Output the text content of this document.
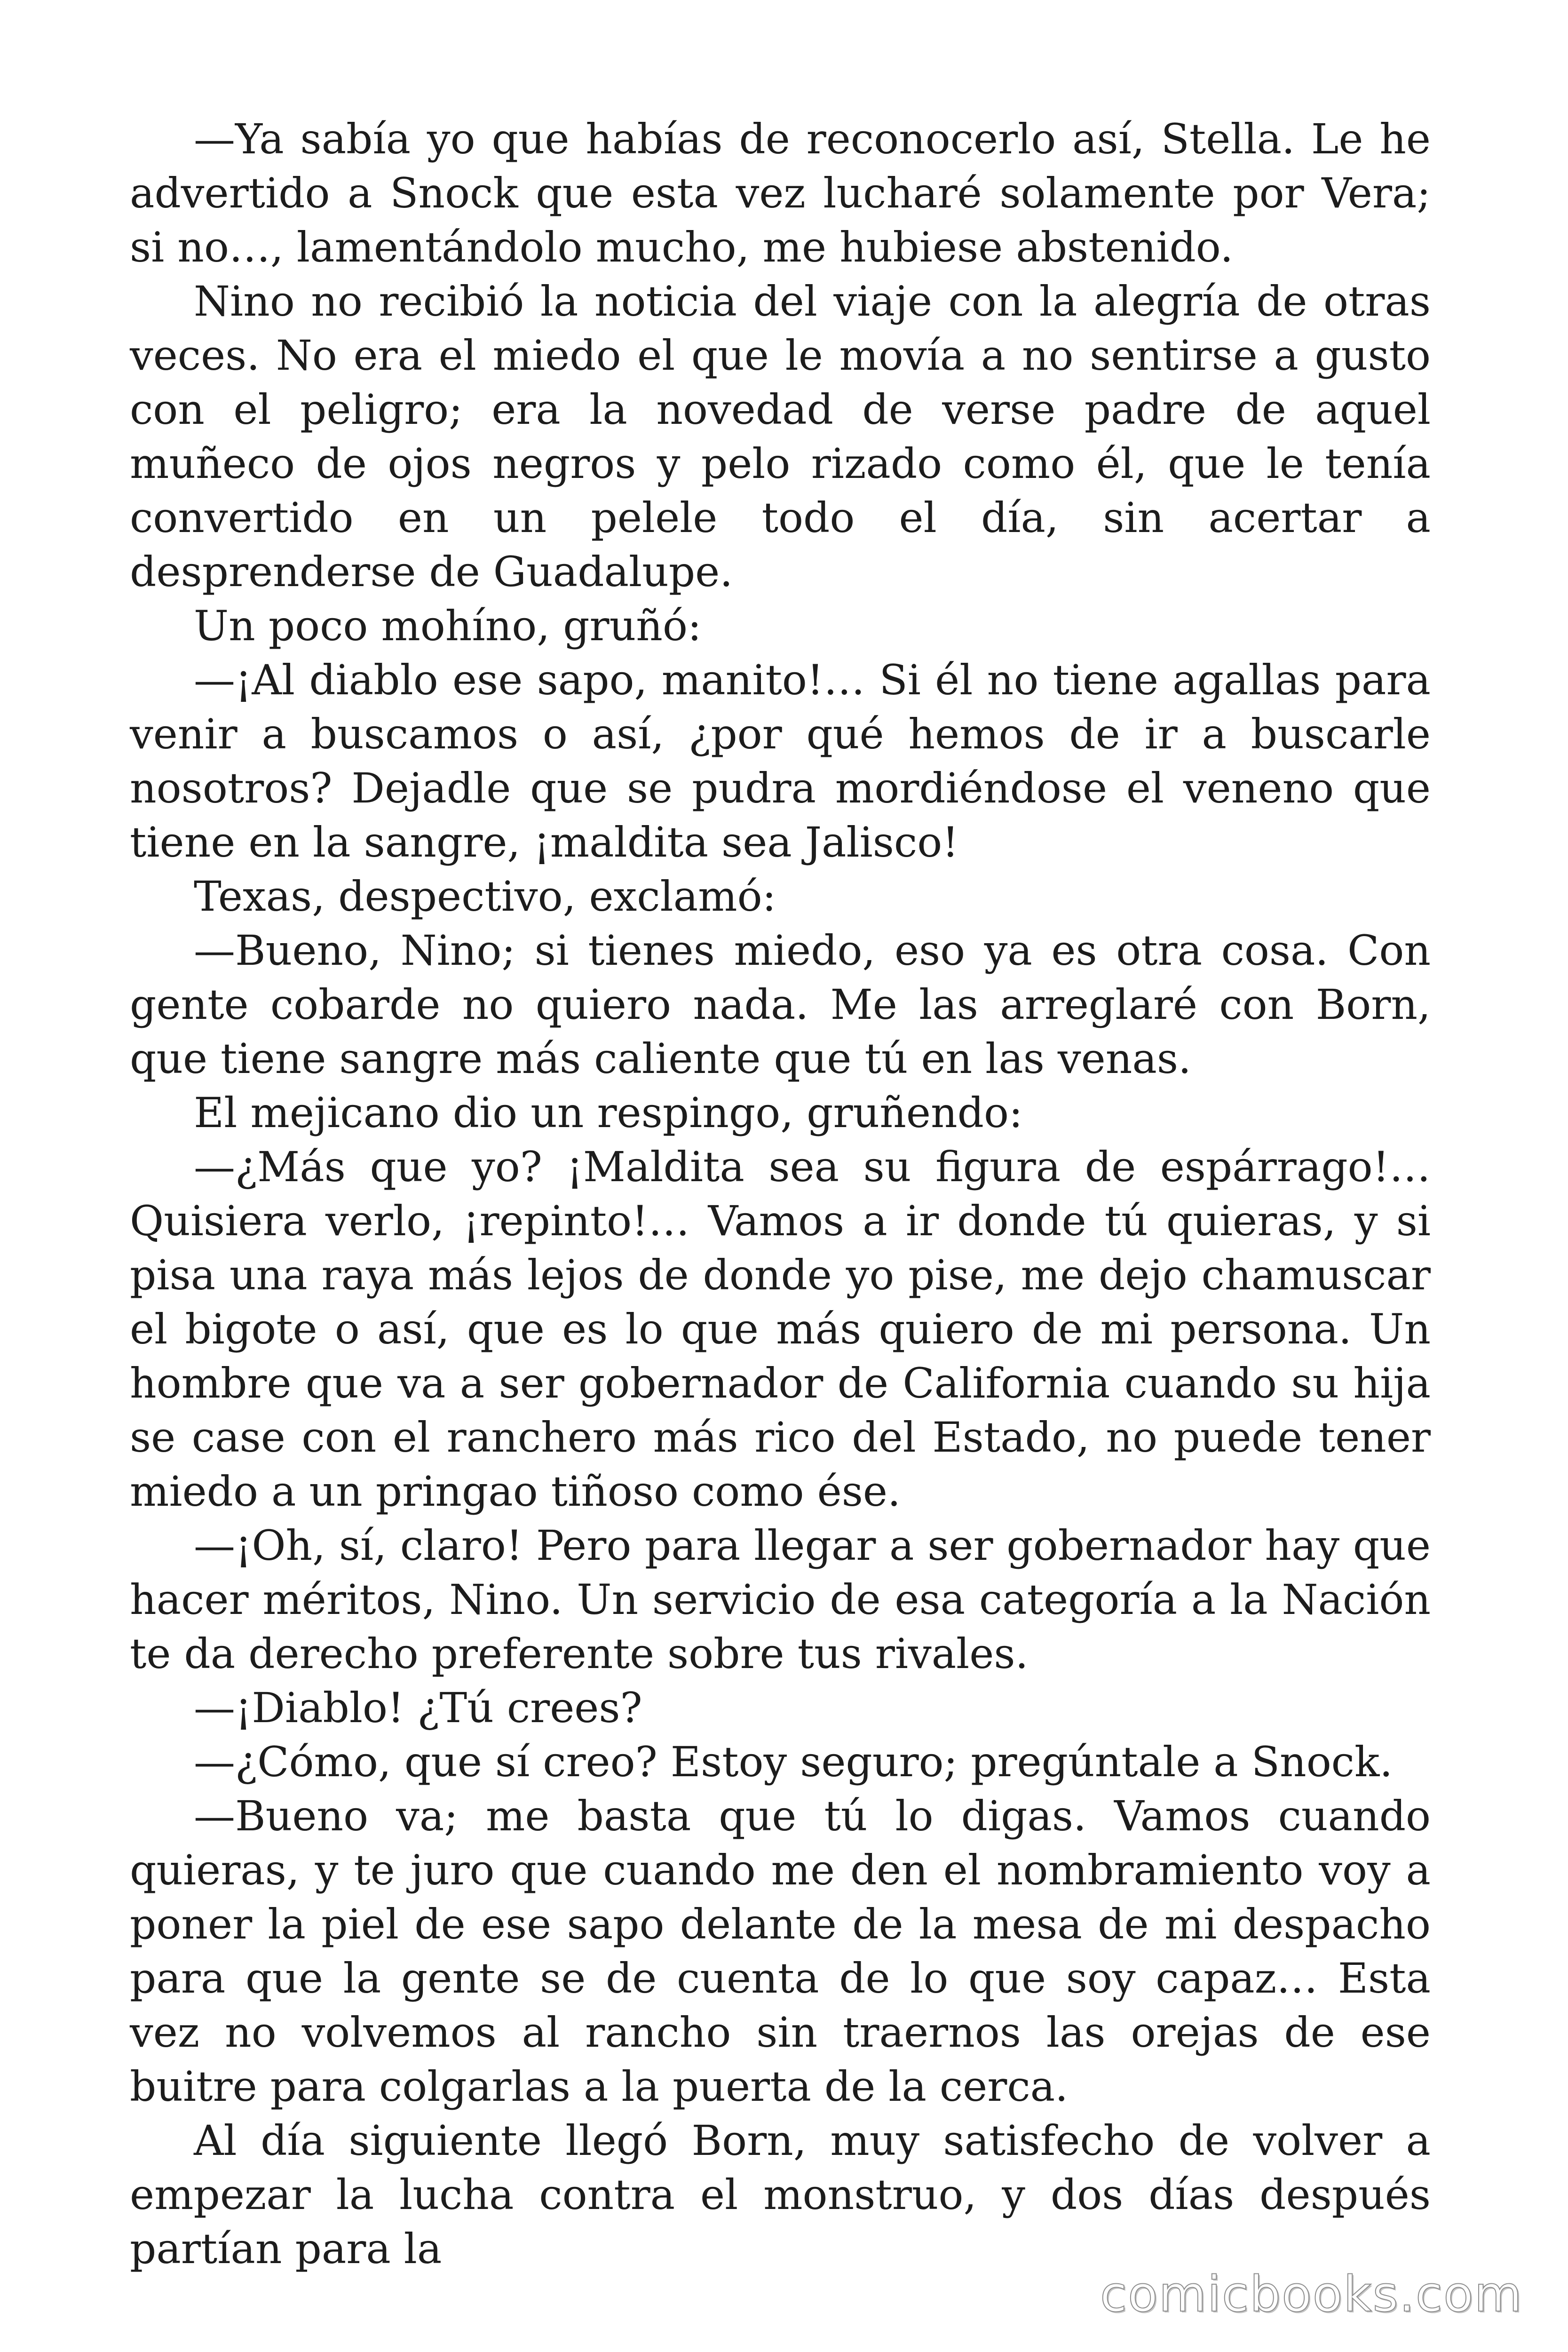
—Ya sabía yo que habías de reconocerlo así, Stella. Le he advertido a Snock que esta vez lucharé solamente por Vera; si no…, lamentándolo mucho, me hubiese abstenido.

Nino no recibió la noticia del viaje con la alegría de otras veces. No era el miedo el que le movía a no sentirse a gusto con el peligro; era la novedad de verse padre de aquel muñeco de ojos negros y pelo rizado como él, que le tenía convertido en un pelele todo el día, sin acertar a desprenderse de Guadalupe.

Un poco mohíno, gruñó:

—¡Al diablo ese sapo, manito!… Si él no tiene agallas para venir a buscamos o así, ¿por qué hemos de ir a buscarle nosotros? Dejadle que se pudra mordiéndose el veneno que tiene en la sangre, ¡maldita sea Jalisco!

Texas, despectivo, exclamó:

—Bueno, Nino; si tienes miedo, eso ya es otra cosa. Con gente cobarde no quiero nada. Me las arreglaré con Born, que tiene sangre más caliente que tú en las venas.

El mejicano dio un respingo, gruñendo:

—¿Más que yo? ¡Maldita sea su figura de espárrago!… Quisiera verlo, ¡repinto!… Vamos a ir donde tú quieras, y si pisa una raya más lejos de donde yo pise, me dejo chamuscar el bigote o así, que es lo que más quiero de mi persona. Un hombre que va a ser gobernador de California cuando su hija se case con el ranchero más rico del Estado, no puede tener miedo a un pringao tiñoso como ése.

—¡Oh, sí, claro! Pero para llegar a ser gobernador hay que hacer méritos, Nino. Un servicio de esa categoría a la Nación te da derecho preferente sobre tus rivales.

—¡Diablo! ¿Tú crees?

—¿Cómo, que sí creo? Estoy seguro; pregúntale a Snock.

—Bueno va; me basta que tú lo digas. Vamos cuando quieras, y te juro que cuando me den el nombramiento voy a poner la piel de ese sapo delante de la mesa de mi despacho para que la gente se de cuenta de lo que soy capaz… Esta vez no volvemos al rancho sin traernos las orejas de ese buitre para colgarlas a la puerta de la cerca.

Al día siguiente llegó Born, muy satisfecho de volver a empezar la lucha contra el monstruo, y dos días después partían para la

comicbooks.com
